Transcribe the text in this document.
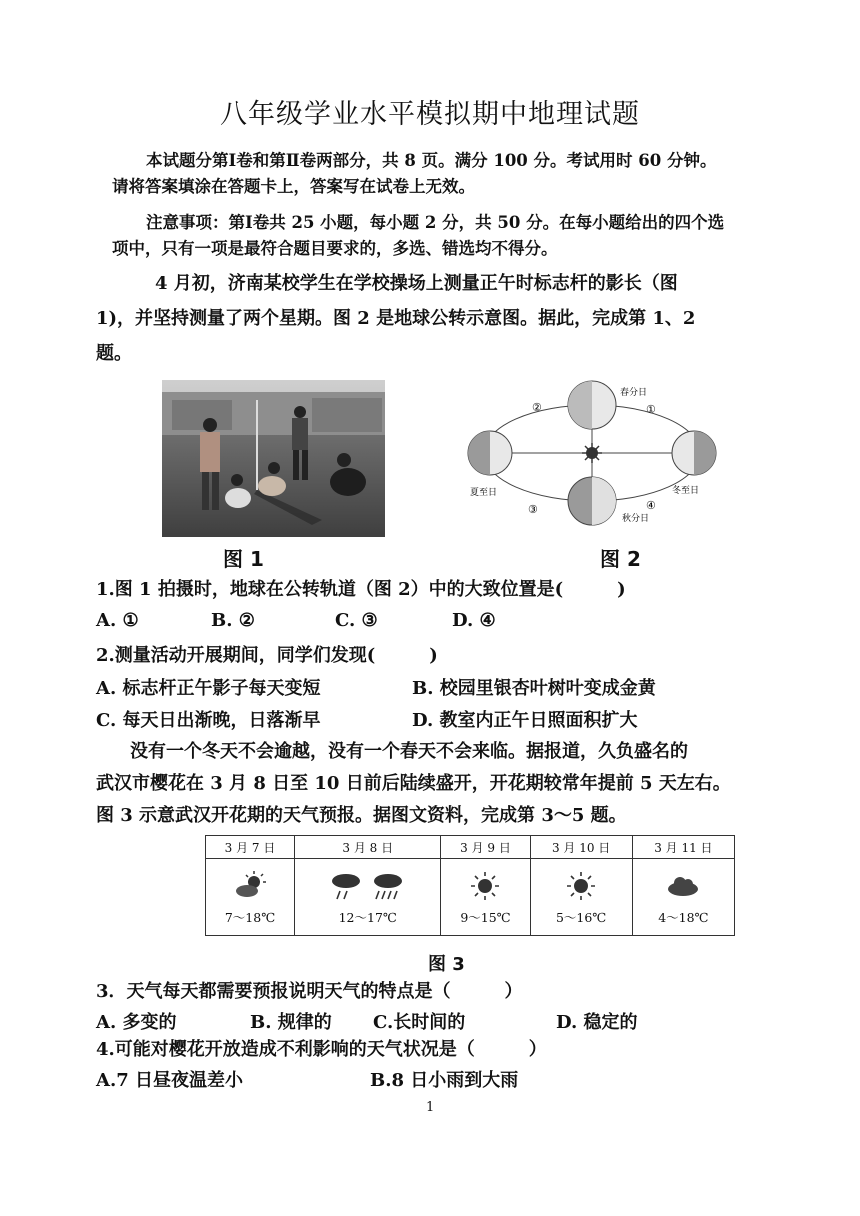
八年级学业水平模拟期中地理试题
本试题分第Ⅰ卷和第Ⅱ卷两部分，共 8 页。满分 100 分。考试用时 60 分钟。
请将答案填涂在答题卡上，答案写在试卷上无效。
注意事项：第Ⅰ卷共 25 小题，每小题 2 分，共 50 分。在每小题给出的四个选
项中，只有一项是最符合题目要求的，多选、错选均不得分。
4 月初，济南某校学生在学校操场上测量正午时标志杆的影长（图
1)，并坚持测量了两个星期。图 2 是地球公转示意图。据此，完成第 1、2
题。
春分日
夏至日	冬至日
秋分日
①
②
③	④
图 1	图 2
1.图 1 拍摄时，地球在公转轨道（图 2）中的大致位置是(　　　)
A. ①	B. ②	C. ③	D. ④
2.测量活动开展期间，同学们发现(　　　)
A. 标志杆正午影子每天变短	B. 校园里银杏叶树叶变成金黄
C. 每天日出渐晚，日落渐早	D. 教室内正午日照面积扩大
没有一个冬天不会逾越，没有一个春天不会来临。据报道，久负盛名的
武汉市樱花在 3 月 8 日至 10 日前后陆续盛开，开花期较常年提前 5 天左右。
图 3 示意武汉开花期的天气预报。据图文资料，完成第 3～5 题。
3 月 7 日	3 月 8 日	3 月 9 日	3 月 10 日	3 月 11 日

7～18℃	12～17℃	9～15℃	5～16℃	4～18℃
图 3
3．天气每天都需要预报说明天气的特点是（　　　）
A. 多变的	B. 规律的 C.长时间的	D. 稳定的
4.可能对樱花开放造成不利影响的天气状况是（　　　）
A.7 日昼夜温差小	B.8 日小雨到大雨
1
